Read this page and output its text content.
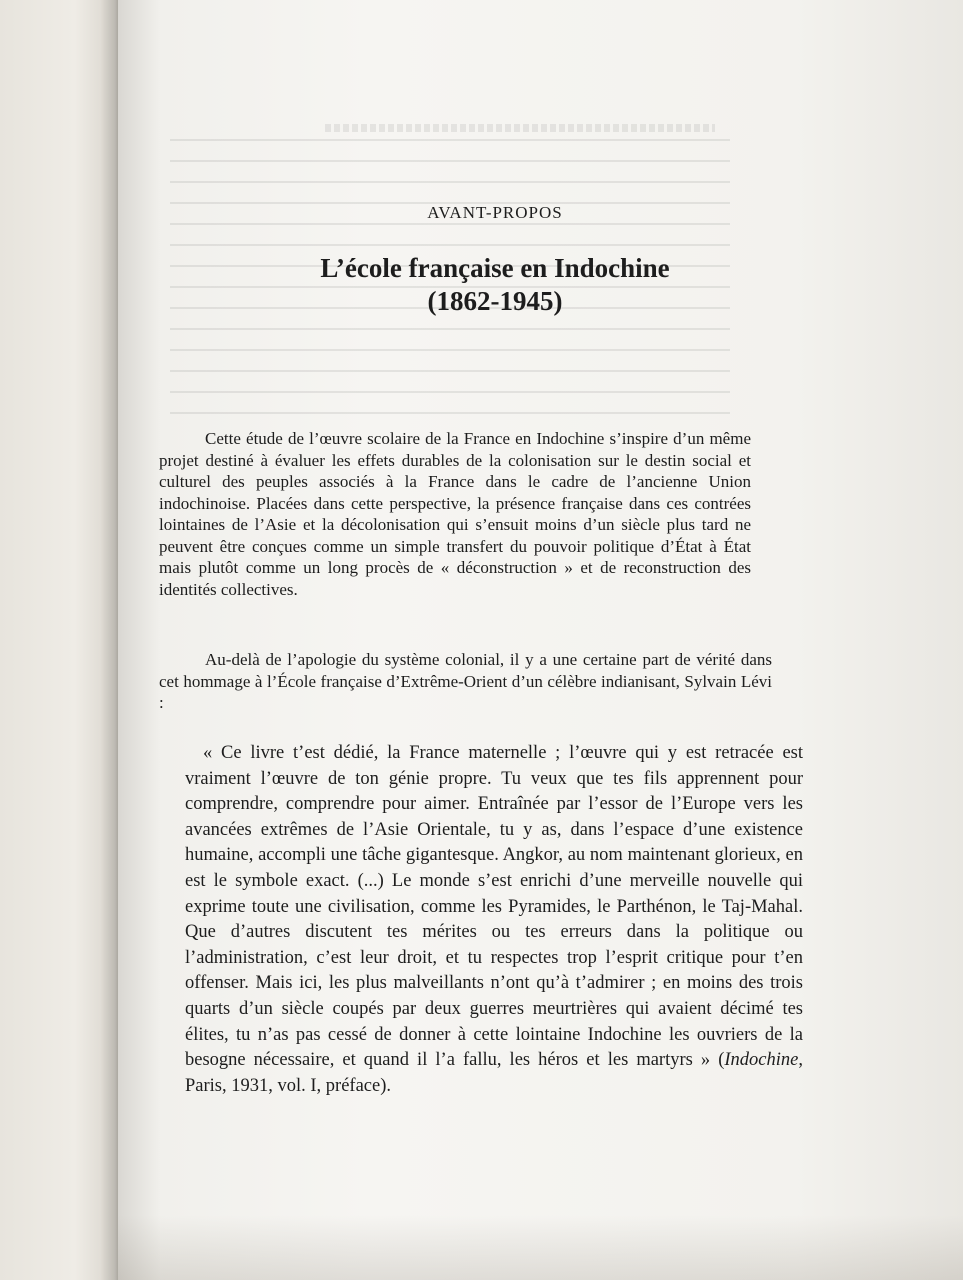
AVANT-PROPOS
L’école française en Indochine
(1862-1945)
Cette étude de l’œuvre scolaire de la France en Indochine s’inspire d’un même projet destiné à évaluer les effets durables de la colonisation sur le destin social et culturel des peuples associés à la France dans le cadre de l’ancienne Union indochinoise. Placées dans cette perspective, la présence française dans ces contrées lointaines de l’Asie et la décolonisation qui s’ensuit moins d’un siècle plus tard ne peuvent être conçues comme un simple transfert du pouvoir politique d’État à État mais plutôt comme un long procès de « déconstruction » et de reconstruction des identités collectives.
Au-delà de l’apologie du système colonial, il y a une certaine part de vérité dans cet hommage à l’École française d’Extrême-Orient d’un célèbre indianisant, Sylvain Lévi :
« Ce livre t’est dédié, la France maternelle ; l’œuvre qui y est retracée est vraiment l’œuvre de ton génie propre. Tu veux que tes fils apprennent pour comprendre, comprendre pour aimer. Entraînée par l’essor de l’Europe vers les avancées extrêmes de l’Asie Orientale, tu y as, dans l’espace d’une existence humaine, accompli une tâche gigantesque. Angkor, au nom maintenant glorieux, en est le symbole exact. (...) Le monde s’est enrichi d’une merveille nouvelle qui exprime toute une civilisation, comme les Pyramides, le Parthénon, le Taj-Mahal. Que d’autres discutent tes mérites ou tes erreurs dans la politique ou l’administration, c’est leur droit, et tu respectes trop l’esprit critique pour t’en offenser. Mais ici, les plus malveillants n’ont qu’à t’admirer ; en moins des trois quarts d’un siècle coupés par deux guerres meurtrières qui avaient décimé tes élites, tu n’as pas cessé de donner à cette lointaine Indochine les ouvriers de la besogne nécessaire, et quand il l’a fallu, les héros et les martyrs » (Indochine, Paris, 1931, vol. I, préface).
